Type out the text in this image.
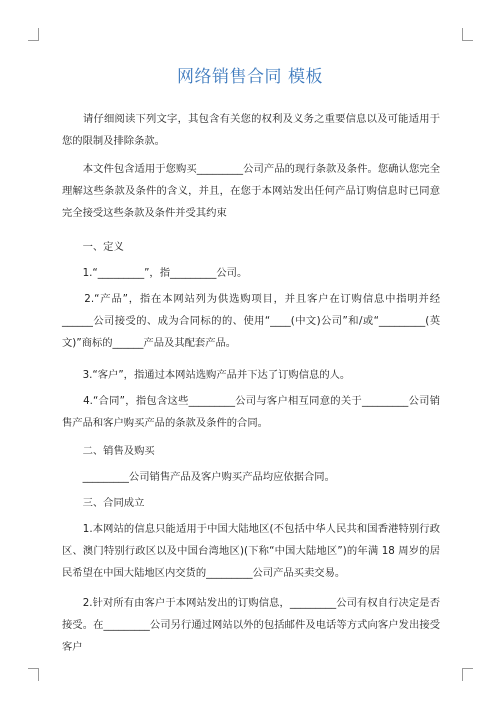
网络销售合同 模板

　　请仔细阅读下列文字，其包含有关您的权利及义务之重要信息以及可能适用于您的限制及排除条款。

　　本文件包含适用于您购买_________公司产品的现行条款及条件。您确认您完全理解这些条款及条件的含义，并且，在您于本网站发出任何产品订购信息时已同意完全接受这些条款及条件并受其约束

　　一、定义

　　1.“_________”，指_________公司。

　　2.“产品”，指在本网站列为供选购项目，并且客户在订购信息中指明并经______公司接受的、成为合同标的的、使用“____(中文)公司”和/或“_________(英文)”商标的______产品及其配套产品。

　　3.“客户”，指通过本网站选购产品并下达了订购信息的人。

　　4.“合同”，指包含这些_________公司与客户相互同意的关于_________公司销售产品和客户购买产品的条款及条件的合同。

　　二、销售及购买

　　_________公司销售产品及客户购买产品均应依据合同。

　　三、合同成立

　　1.本网站的信息只能适用于中国大陆地区(不包括中华人民共和国香港特别行政区、澳门特别行政区以及中国台湾地区)(下称“中国大陆地区”)的年满 18 周岁的居民希望在中国大陆地区内交货的_________公司产品买卖交易。

　　2.针对所有由客户于本网站发出的订购信息，_________公司有权自行决定是否接受。在_________公司另行通过网站以外的包括邮件及电话等方式向客户发出接受客户
